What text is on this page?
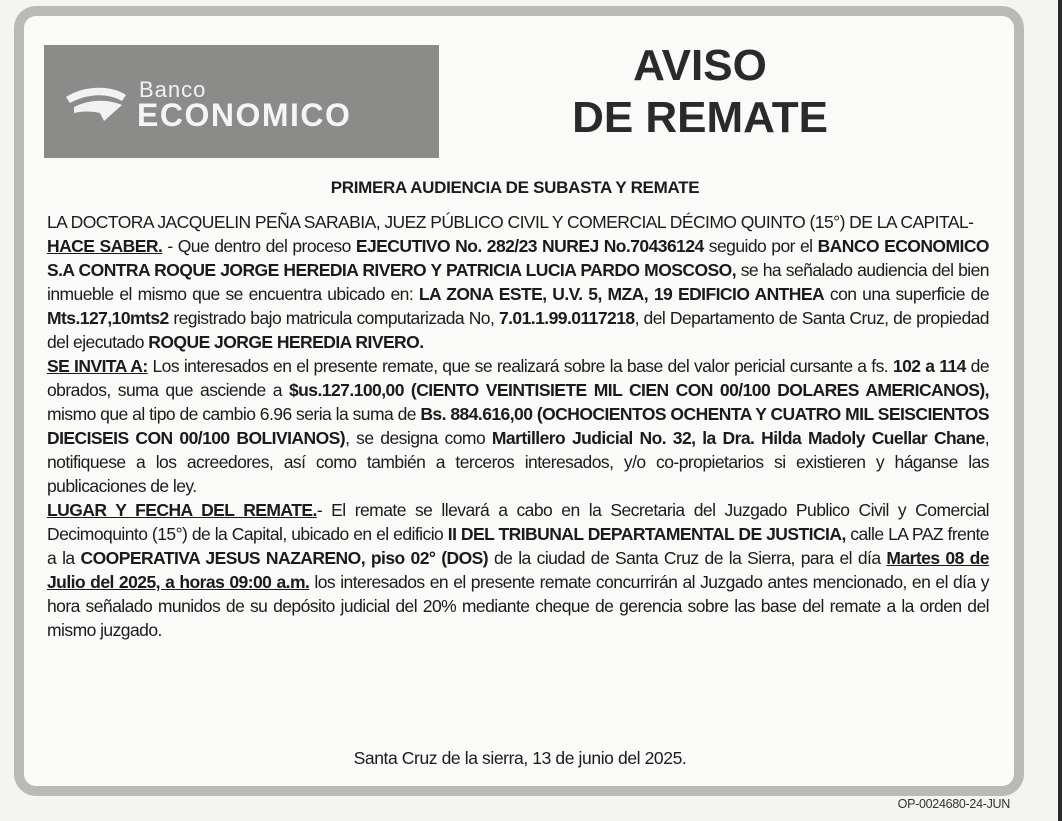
Banco
ECONOMICO
AVISO
DE REMATE
PRIMERA AUDIENCIA DE SUBASTA Y REMATE

LA DOCTORA JACQUELIN PEÑA SARABIA, JUEZ PÚBLICO CIVIL Y COMERCIAL DÉCIMO QUINTO (15°) DE LA CAPITAL-

HACE SABER. - Que dentro del proceso EJECUTIVO No. 282/23 NUREJ No.70436124 seguido por el BANCO ECONOMICO S.A CONTRA ROQUE JORGE HEREDIA RIVERO Y PATRICIA LUCIA PARDO MOSCOSO, se ha señalado audiencia del bien inmueble el mismo que se encuentra ubicado en: LA ZONA ESTE, U.V. 5, MZA, 19 EDIFICIO ANTHEA con una superficie de Mts.127,10mts2 registrado bajo matricula computarizada No, 7.01.1.99.0117218, del Departamento de Santa Cruz, de propiedad del ejecutado ROQUE JORGE HEREDIA RIVERO.

SE INVITA A: Los interesados en el presente remate, que se realizará sobre la base del valor pericial cursante a fs. 102 a 114 de obrados, suma que asciende a $us.127.100,00 (CIENTO VEINTISIETE MIL CIEN CON 00/100 DOLARES AMERICANOS), mismo que al tipo de cambio 6.96 seria la suma de Bs. 884.616,00 (OCHOCIENTOS OCHENTA Y CUATRO MIL SEISCIENTOS DIECISEIS CON 00/100 BOLIVIANOS), se designa como Martillero Judicial No. 32, la Dra. Hilda Madoly Cuellar Chane, notifiquese a los acreedores, así como también a terceros interesados, y/o co-propietarios si existieren y háganse las publicaciones de ley.

LUGAR Y FECHA DEL REMATE.- El remate se llevará a cabo en la Secretaria del Juzgado Publico Civil y Comercial Decimoquinto (15°) de la Capital, ubicado en el edificio II DEL TRIBUNAL DEPARTAMENTAL DE JUSTICIA, calle LA PAZ frente a la COOPERATIVA JESUS NAZARENO, piso 02° (DOS) de la ciudad de Santa Cruz de la Sierra, para el día Martes 08 de Julio del 2025, a horas 09:00 a.m. los interesados en el presente remate concurrirán al Juzgado antes mencionado, en el día y hora señalado munidos de su depósito judicial del 20% mediante cheque de gerencia sobre las base del remate a la orden del mismo juzgado.

Santa Cruz de la sierra, 13 de junio del 2025.
OP-0024680-24-JUN
